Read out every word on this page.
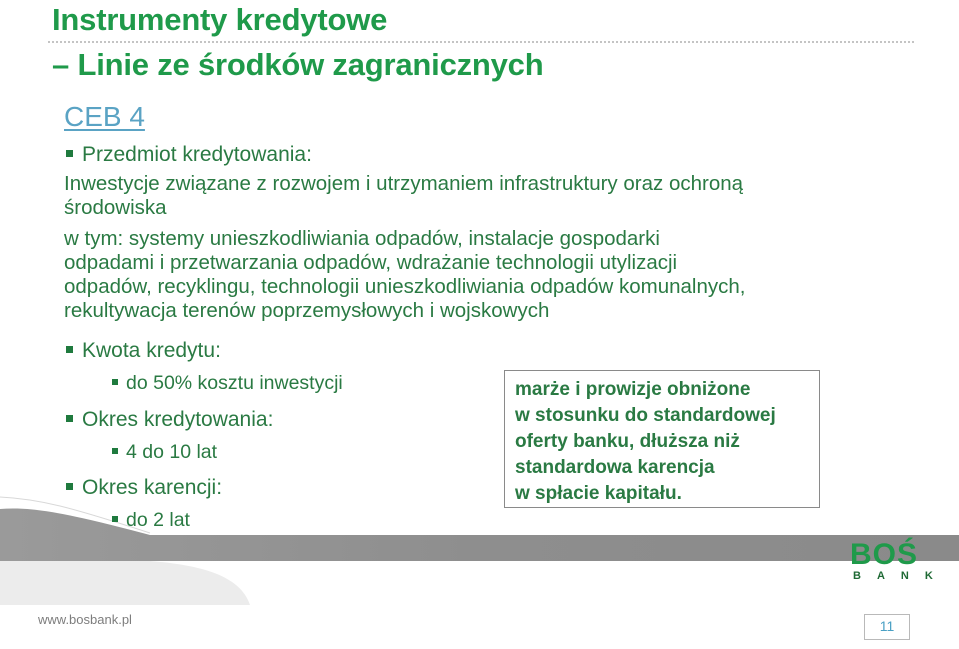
Instrumenty kredytowe
– Linie ze środków zagranicznych
CEB 4
Przedmiot kredytowania:
Inwestycje związane z rozwojem i utrzymaniem infrastruktury oraz ochroną
środowiska
w tym: systemy unieszkodliwiania odpadów, instalacje gospodarki
odpadami i przetwarzania odpadów, wdrażanie technologii utylizacji
odpadów, recyklingu, technologii unieszkodliwiania odpadów komunalnych,
rekultywacja terenów poprzemysłowych i wojskowych
Kwota kredytu:
do 50% kosztu inwestycji
Okres kredytowania:
4 do 10 lat
Okres karencji:
do 2 lat
marże i prowizje obniżone
w stosunku do standardowej
oferty banku, dłuższa niż
standardowa karencja
w spłacie kapitału.
BOŚ
BANK
www.bosbank.pl	11
